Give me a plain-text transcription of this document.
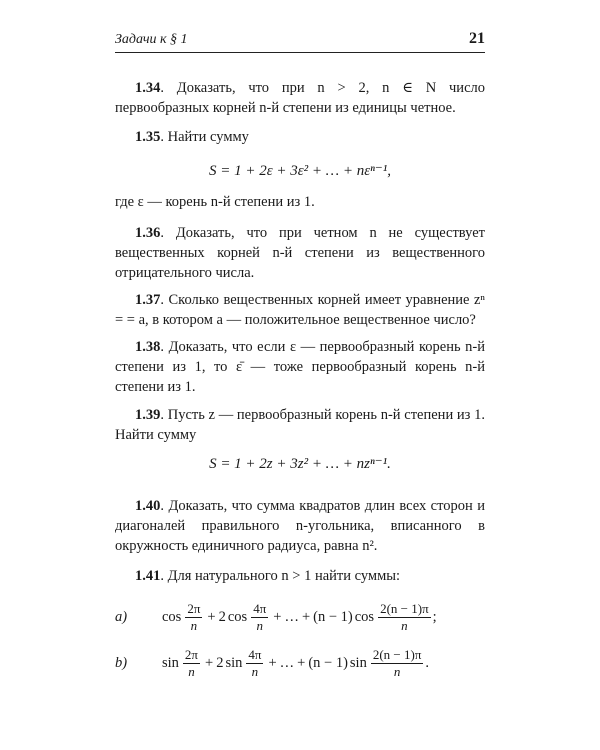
Задачи к § 1	21
1.34. Доказать, что при n > 2, n ∈ N число первообразных корней n-й степени из единицы четное.
1.35. Найти сумму
S = 1 + 2ε + 3ε² + … + nεⁿ⁻¹,
где ε — корень n-й степени из 1.
1.36. Доказать, что при четном n не существует вещественных корней n-й степени из вещественного отрицательного числа.
1.37. Сколько вещественных корней имеет уравнение zⁿ = = a, в котором a — положительное вещественное число?
1.38. Доказать, что если ε — первообразный корень n-й степени из 1, то ε̄ — тоже первообразный корень n-й степени из 1.
1.39. Пусть z — первообразный корень n-й степени из 1. Найти сумму
S = 1 + 2z + 3z² + … + nzⁿ⁻¹.
1.40. Доказать, что сумма квадратов длин всех сторон и диагоналей правильного n-угольника, вписанного в окружность единичного радиуса, равна n².
1.41. Для натурального n > 1 найти суммы:
a)	$\cos \frac{2\pi}{n} + 2$ $\cos \frac{4\pi}{n}$ + … + (n − 1) $\cos \frac{2(n - 1)\pi}{n}$ ;
b)	$\sin \frac{2\pi}{n} + 2$ $\sin \frac{4\pi}{n}$ + … + (n − 1) $\sin \frac{2(n - 1)\pi}{n}$ .
